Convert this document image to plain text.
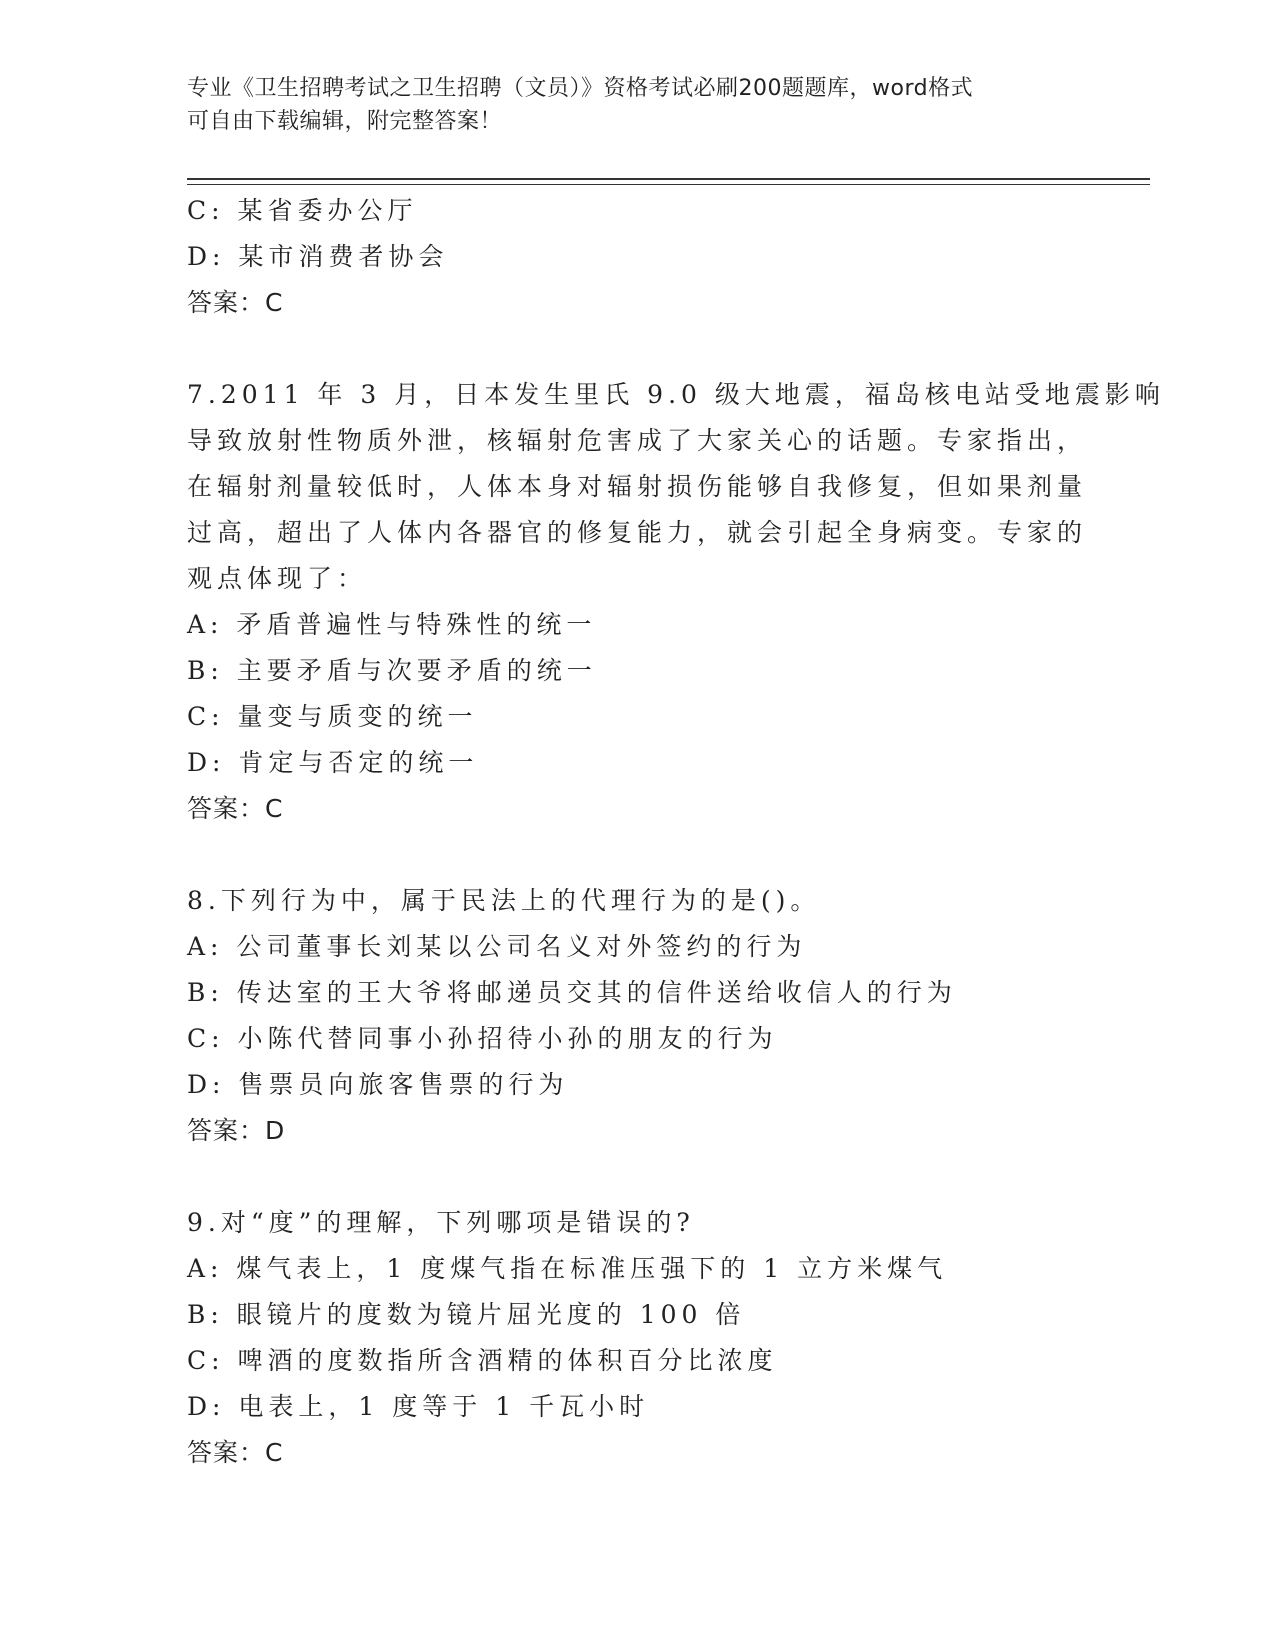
专业《卫生招聘考试之卫生招聘（文员）》资格考试必刷200题题库，word格式
可自由下载编辑，附完整答案！
C: 某省委办公厅
D: 某市消费者协会
答案：C
7.2011 年 3 月，日本发生里氏 9.0 级大地震，福岛核电站受地震影响
导致放射性物质外泄，核辐射危害成了大家关心的话题。专家指出，
在辐射剂量较低时，人体本身对辐射损伤能够自我修复，但如果剂量
过高，超出了人体内各器官的修复能力，就会引起全身病变。专家的
观点体现了：
A: 矛盾普遍性与特殊性的统一
B: 主要矛盾与次要矛盾的统一
C: 量变与质变的统一
D: 肯定与否定的统一
答案：C
8.下列行为中，属于民法上的代理行为的是()。
A: 公司董事长刘某以公司名义对外签约的行为
B: 传达室的王大爷将邮递员交其的信件送给收信人的行为
C: 小陈代替同事小孙招待小孙的朋友的行为
D: 售票员向旅客售票的行为
答案：D
9.对“度”的理解，下列哪项是错误的?
A: 煤气表上，1 度煤气指在标准压强下的 1 立方米煤气
B: 眼镜片的度数为镜片屈光度的 100 倍
C: 啤酒的度数指所含酒精的体积百分比浓度
D: 电表上，1 度等于 1 千瓦小时
答案：C
